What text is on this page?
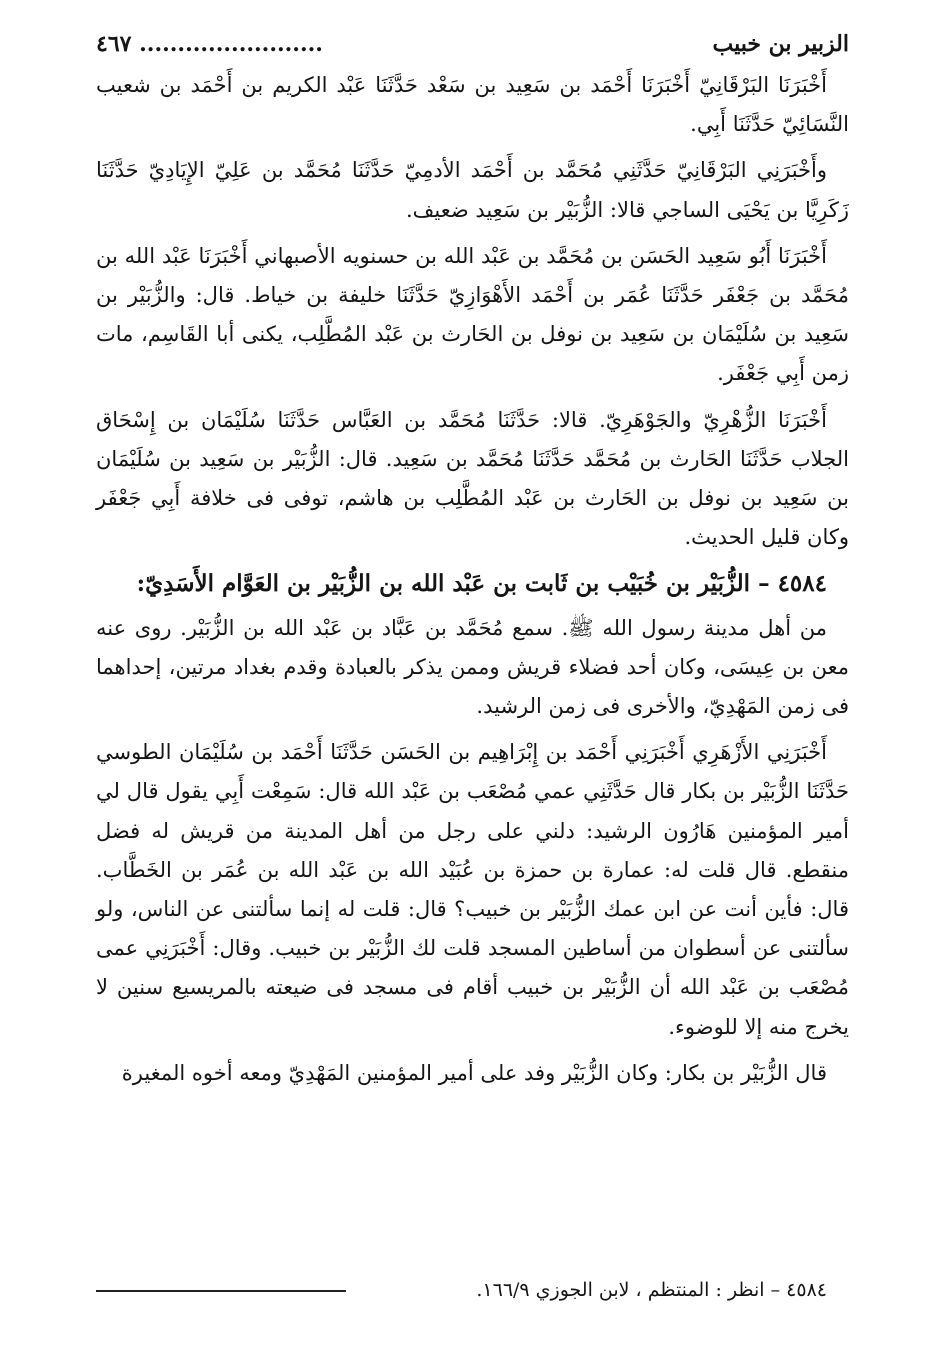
الزبير بن خبيب
........................ ٤٦٧

أَخْبَرَنَا البَرْقَانِيّ أَخْبَرَنَا أَحْمَد بن سَعِيد بن سَعْد حَدَّثَنَا عَبْد الكريم بن أَحْمَد بن شعيب النَّسَائِيّ حَدَّثَنَا أَبِي.

وأَخْبَرَنِي البَرْقَانِيّ حَدَّثَنِي مُحَمَّد بن أَحْمَد الأدمِيّ حَدَّثَنَا مُحَمَّد بن عَلِيّ الإِيَادِيّ حَدَّثَنَا زَكَرِيَّا بن يَحْيَى الساجي قالا: الزُّبَيْر بن سَعِيد ضعيف.

أَخْبَرَنَا أَبُو سَعِيد الحَسَن بن مُحَمَّد بن عَبْد الله بن حسنويه الأصبهاني أَخْبَرَنَا عَبْد الله بن مُحَمَّد بن جَعْفَر حَدَّثَنَا عُمَر بن أَحْمَد الأَهْوَازِيّ حَدَّثَنَا خليفة بن خياط. قال: والزُّبَيْر بن سَعِيد بن سُلَيْمَان بن سَعِيد بن نوفل بن الحَارث بن عَبْد المُطَّلِب، يكنى أبا القَاسِم، مات زمن أَبِي جَعْفَر.

أَخْبَرَنَا الزُّهْرِيّ والجَوْهَرِيّ. قالا: حَدَّثَنَا مُحَمَّد بن العَبَّاس حَدَّثَنَا سُلَيْمَان بن إِسْحَاق الجلاب حَدَّثَنَا الحَارث بن مُحَمَّد حَدَّثَنَا مُحَمَّد بن سَعِيد. قال: الزُّبَيْر بن سَعِيد بن سُلَيْمَان بن سَعِيد بن نوفل بن الحَارث بن عَبْد المُطَّلِب بن هاشم، توفى فى خلافة أَبِي جَعْفَر وكان قليل الحديث.

٤٥٨٤ – الزُّبَيْر بن خُبَيْب بن ثَابت بن عَبْد الله بن الزُّبَيْر بن العَوَّام الأَسَدِيّ:

من أهل مدينة رسول الله ﷺ. سمع مُحَمَّد بن عَبَّاد بن عَبْد الله بن الزُّبَيْر. روى عنه معن بن عِيسَى، وكان أحد فضلاء قريش وممن يذكر بالعبادة وقدم بغداد مرتين، إحداهما فى زمن المَهْدِيّ، والأخرى فى زمن الرشيد.

أَخْبَرَنِي الأَزْهَرِي أَخْبَرَنِي أَحْمَد بن إِبْرَاهِيم بن الحَسَن حَدَّثَنَا أَحْمَد بن سُلَيْمَان الطوسي حَدَّثَنَا الزُّبَيْر بن بكار قال حَدَّثَنِي عمي مُصْعَب بن عَبْد الله قال: سَمِعْت أَبِي يقول قال لي أمير المؤمنين هَارُون الرشيد: دلني على رجل من أهل المدينة من قريش له فضل منقطع. قال قلت له: عمارة بن حمزة بن عُبَيْد الله بن عَبْد الله بن عُمَر بن الخَطَّاب. قال: فأين أنت عن ابن عمك الزُّبَيْر بن خبيب؟ قال: قلت له إنما سألتنى عن الناس، ولو سألتنى عن أسطوان من أساطين المسجد قلت لك الزُّبَيْر بن خبيب. وقال: أَخْبَرَنِي عمى مُصْعَب بن عَبْد الله أن الزُّبَيْر بن خبيب أقام فى مسجد فى ضيعته بالمريسيع سنين لا يخرج منه إلا للوضوء.

قال الزُّبَيْر بن بكار: وكان الزُّبَيْر وفد على أمير المؤمنين المَهْدِيّ ومعه أخوه المغيرة

٤٥٨٤ – انظر : المنتظم ، لابن الجوزي ١٦٦/٩.
